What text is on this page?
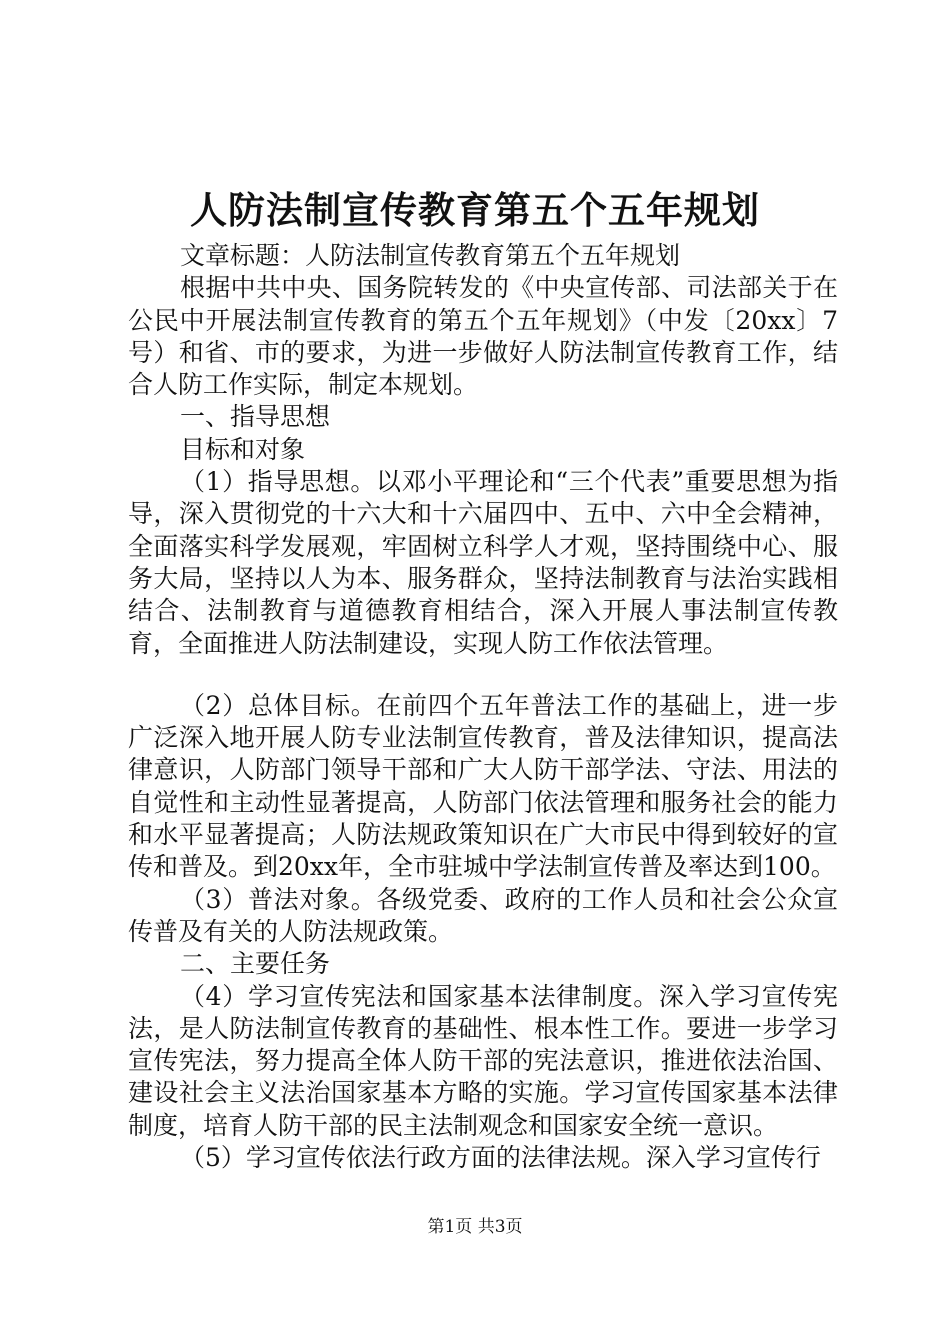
人防法制宣传教育第五个五年规划

文章标题：人防法制宣传教育第五个五年规划

根据中共中央、国务院转发的《中央宣传部、司法部关于在公民中开展法制宣传教育的第五个五年规划》（中发〔20xx〕7号）和省、市的要求，为进一步做好人防法制宣传教育工作，结合人防工作实际，制定本规划。

一、指导思想

目标和对象

（1）指导思想。以邓小平理论和“三个代表”重要思想为指导，深入贯彻党的十六大和十六届四中、五中、六中全会精神，全面落实科学发展观，牢固树立科学人才观，坚持围绕中心、服务大局，坚持以人为本、服务群众，坚持法制教育与法治实践相结合、法制教育与道德教育相结合，深入开展人事法制宣传教育，全面推进人防法制建设，实现人防工作依法管理。

（2）总体目标。在前四个五年普法工作的基础上，进一步广泛深入地开展人防专业法制宣传教育，普及法律知识，提高法律意识，人防部门领导干部和广大人防干部学法、守法、用法的自觉性和主动性显著提高，人防部门依法管理和服务社会的能力和水平显著提高；人防法规政策知识在广大市民中得到较好的宣传和普及。到20xx年，全市驻城中学法制宣传普及率达到100。

（3）普法对象。各级党委、政府的工作人员和社会公众宣传普及有关的人防法规政策。

二、主要任务

（4）学习宣传宪法和国家基本法律制度。深入学习宣传宪法，是人防法制宣传教育的基础性、根本性工作。要进一步学习宣传宪法，努力提高全体人防干部的宪法意识，推进依法治国、建设社会主义法治国家基本方略的实施。学习宣传国家基本法律制度，培育人防干部的民主法制观念和国家安全统一意识。

（5）学习宣传依法行政方面的法律法规。深入学习宣传行

第1页 共3页
